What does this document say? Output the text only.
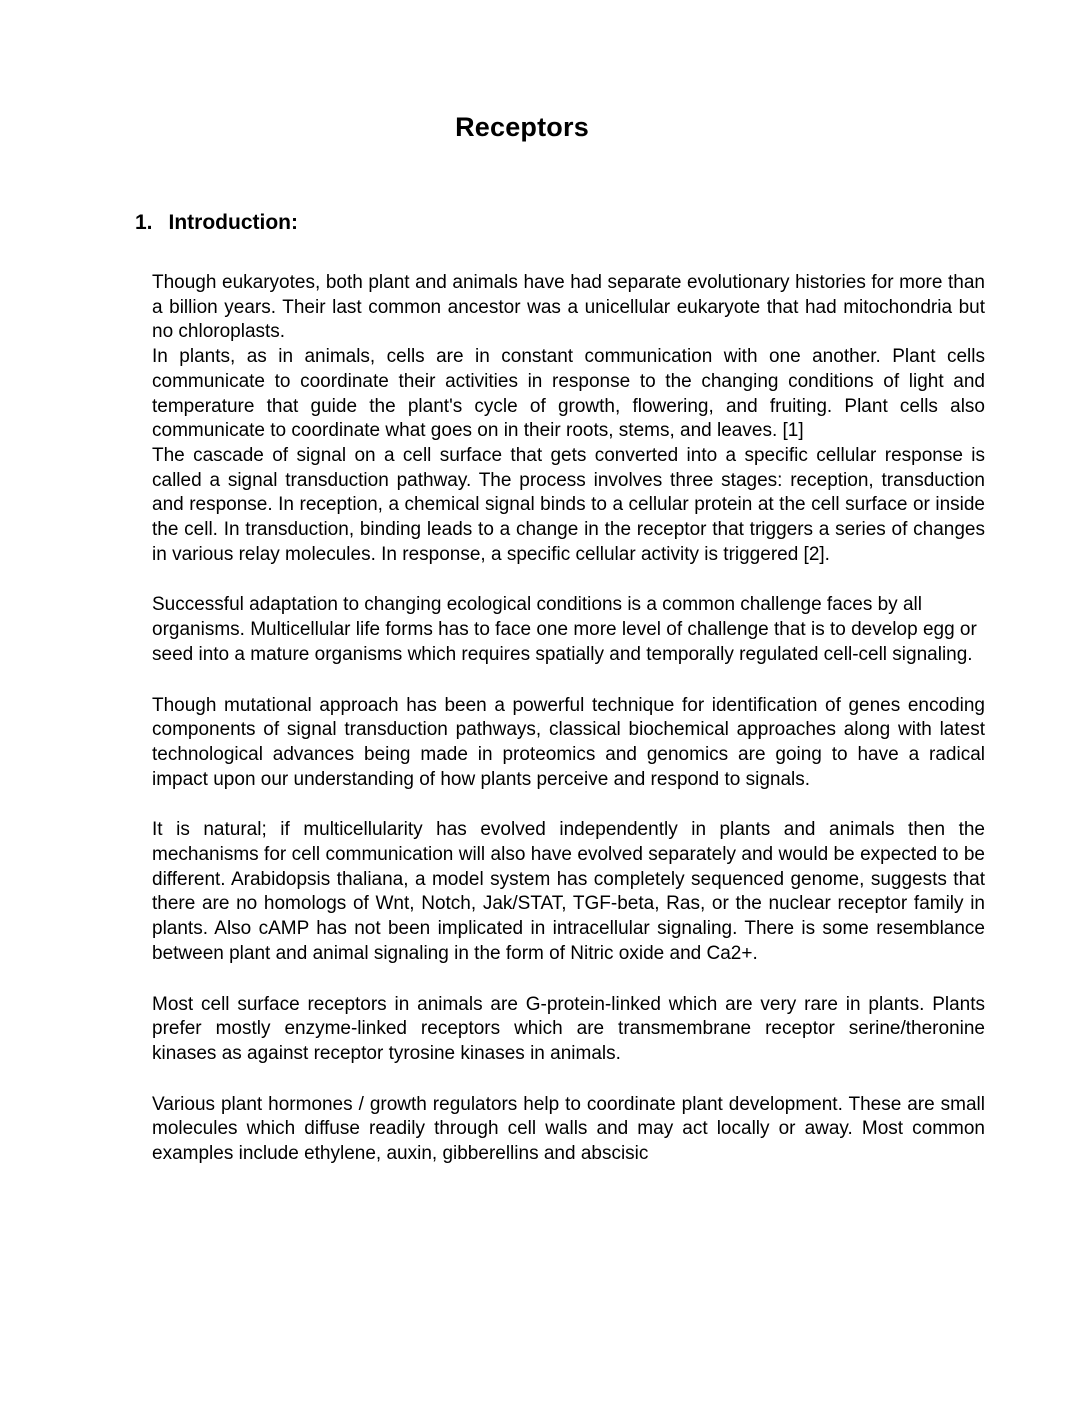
Receptors
1. Introduction:

Though eukaryotes, both plant and animals have had separate evolutionary histories for more than a billion years. Their last common ancestor was a unicellular eukaryote that had mitochondria but no chloroplasts.

In plants, as in animals, cells are in constant communication with one another. Plant cells communicate to coordinate their activities in response to the changing conditions of light and temperature that guide the plant's cycle of growth, flowering, and fruiting. Plant cells also communicate to coordinate what goes on in their roots, stems, and leaves. [1]

The cascade of signal on a cell surface that gets converted into a specific cellular response is called a signal transduction pathway. The process involves three stages: reception, transduction and response. In reception, a chemical signal binds to a cellular protein at the cell surface or inside the cell. In transduction, binding leads to a change in the receptor that triggers a series of changes in various relay molecules. In response, a specific cellular activity is triggered [2].

Successful adaptation to changing ecological conditions is a common challenge faces by all organisms. Multicellular life forms has to face one more level of challenge that is to develop egg or seed into a mature organisms which requires spatially and temporally regulated cell-cell signaling.

Though mutational approach has been a powerful technique for identification of genes encoding components of signal transduction pathways, classical biochemical approaches along with latest technological advances being made in proteomics and genomics are going to have a radical impact upon our understanding of how plants perceive and respond to signals.

It is natural; if multicellularity has evolved independently in plants and animals then the mechanisms for cell communication will also have evolved separately and would be expected to be different. Arabidopsis thaliana, a model system has completely sequenced genome, suggests that there are no homologs of Wnt, Notch, Jak/STAT, TGF-beta, Ras, or the nuclear receptor family in plants. Also cAMP has not been implicated in intracellular signaling. There is some resemblance between plant and animal signaling in the form of Nitric oxide and Ca2+.

Most cell surface receptors in animals are G-protein-linked which are very rare in plants. Plants prefer mostly enzyme-linked receptors which are transmembrane receptor serine/theronine kinases as against receptor tyrosine kinases in animals.

Various plant hormones / growth regulators help to coordinate plant development. These are small molecules which diffuse readily through cell walls and may act locally or away. Most common examples include ethylene, auxin, gibberellins and abscisic
